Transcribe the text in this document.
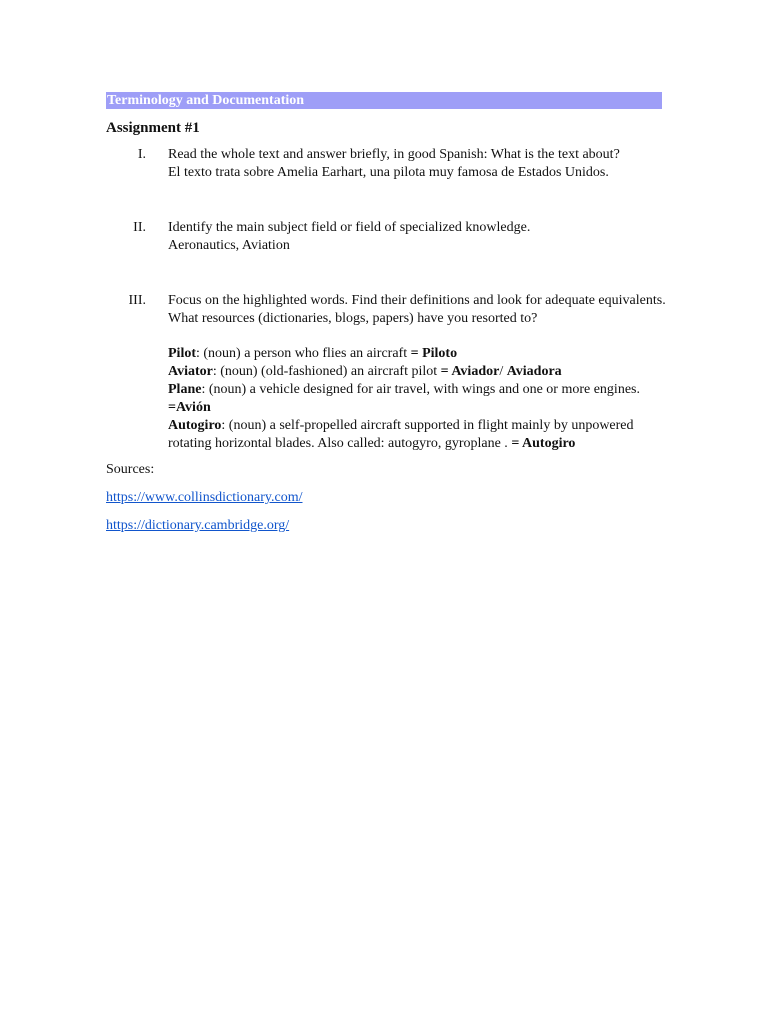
Terminology and Documentation
Assignment #1
I. Read the whole text and answer briefly, in good Spanish: What is the text about?
El texto trata sobre Amelia Earhart, una pilota muy famosa de Estados Unidos.
II. Identify the main subject field or field of specialized knowledge.
Aeronautics, Aviation
III. Focus on the highlighted words. Find their definitions and look for adequate equivalents.
What resources (dictionaries, blogs, papers) have you resorted to?
Pilot: (noun) a person who flies an aircraft = Piloto
Aviator: (noun) (old-fashioned) an aircraft pilot = Aviador/ Aviadora
Plane: (noun) a vehicle designed for air travel, with wings and one or more engines.
=Avión
Autogiro: (noun) a self-propelled aircraft supported in flight mainly by unpowered
rotating horizontal blades. Also called: autogyro, gyroplane . = Autogiro
Sources:
https://www.collinsdictionary.com/
https://dictionary.cambridge.org/
